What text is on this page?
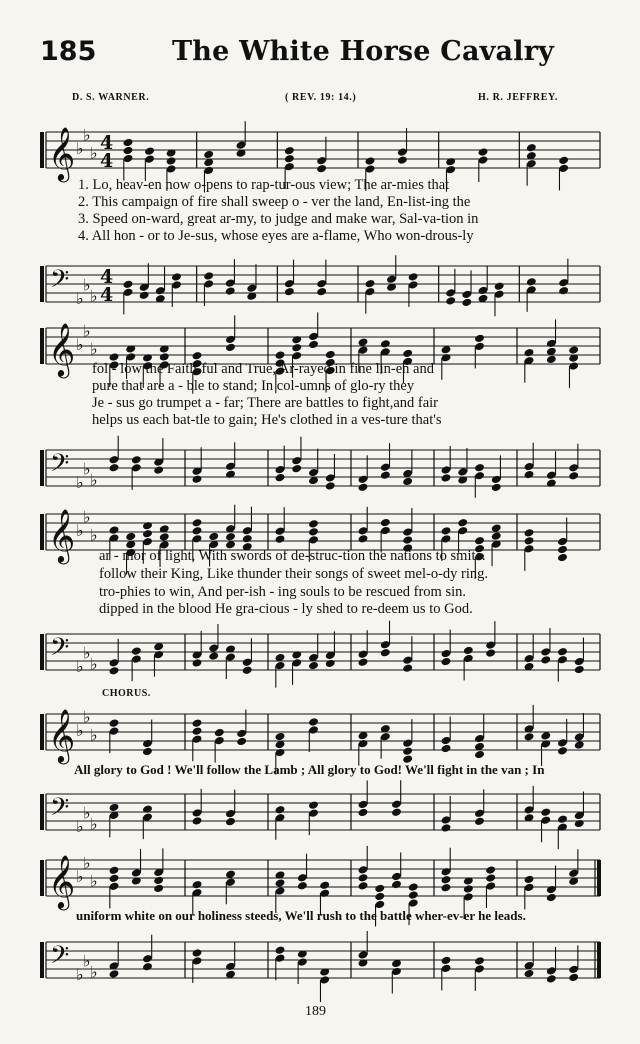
185	The White Horse Cavalry
D. S. WARNER.	( REV. 19: 14.)	H. R. JEFFREY.
𝄞 ♭
♭
♭ 4
4
1. Lo, heav-en now o-pens to rap-tur-ous view; The ar-mies that
2. This campaign of fire shall sweep o - ver the land, En-list-ing the
3. Speed on-ward, great ar-my, to judge and make war, Sal-va-tion in
4. All hon - or to Je-sus, whose eyes are a-flame, Who won-drous-ly
𝄢 ♭
♭
♭
4
4
𝄞 ♭
♭
♭
fol - low the Faith-ful and True, Ar-rayed in fine lin-en and
pure that are a - ble to stand; In col-umns of glo-ry they
Je - sus go trumpet a - far; There are battles to fight,and fair
helps us each bat-tle to gain; He's clothed in a ves-ture that's
𝄢 ♭
♭
♭
𝄞 ♭
♭
♭
ar - mor of light, With swords of de-struc-tion the nations to smite.
follow their King, Like thunder their songs of sweet mel-o-dy ring.
tro-phies to win, And per-ish - ing souls to be rescued from sin.
dipped in the blood He gra-cious - ly shed to re-deem us to God.
𝄢 ♭
♭
♭
CHORUS.
𝄞 ♭
♭
♭
All glory to God ! We'll follow the Lamb ; All glory to God! We'll fight in the van ; In
𝄢 ♭
♭
♭
𝄞 ♭
♭
♭
uniform white on our holiness steeds, We'll rush to the battle wher-ev-er he leads.
𝄢 ♭
♭
♭
189
